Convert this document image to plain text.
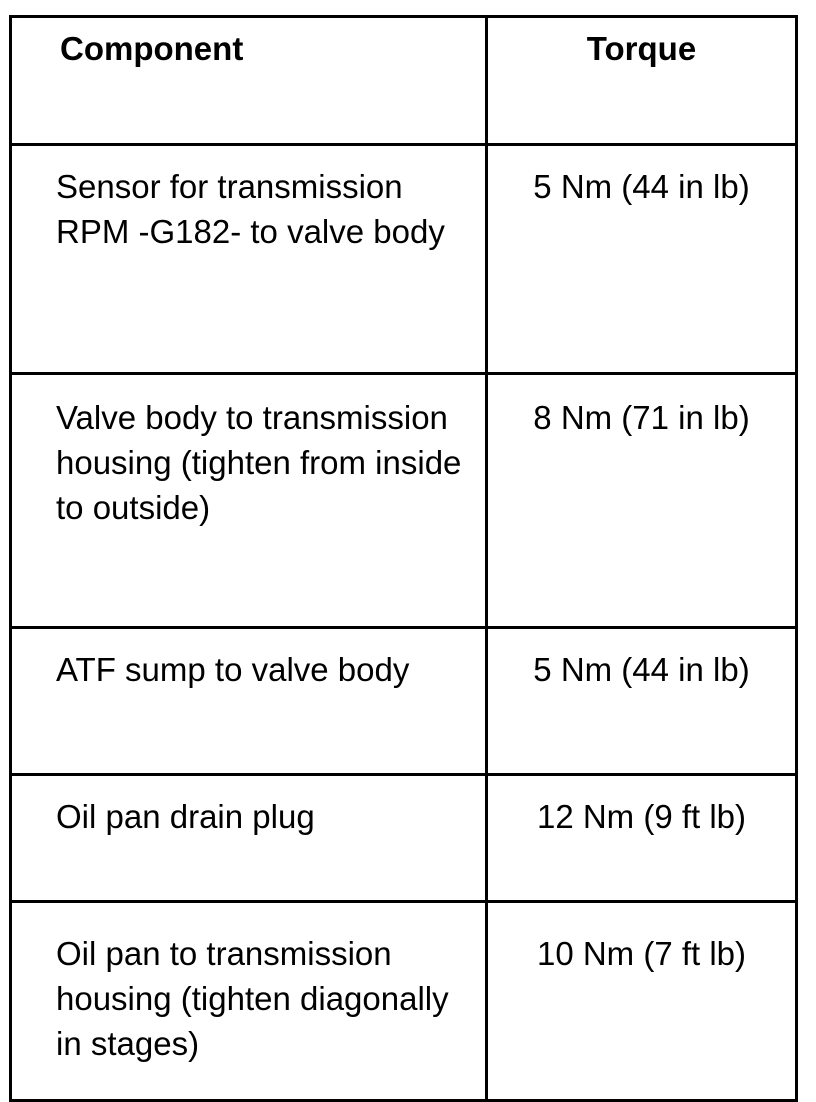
Component	Torque
Sensor for transmission RPM -G182- to valve body	5 Nm (44 in lb)
Valve body to transmission housing (tighten from inside to outside)	8 Nm (71 in lb)
ATF sump to valve body	5 Nm (44 in lb)
Oil pan drain plug	12 Nm (9 ft lb)
Oil pan to transmission housing (tighten diagonally in stages)	10 Nm (7 ft lb)
